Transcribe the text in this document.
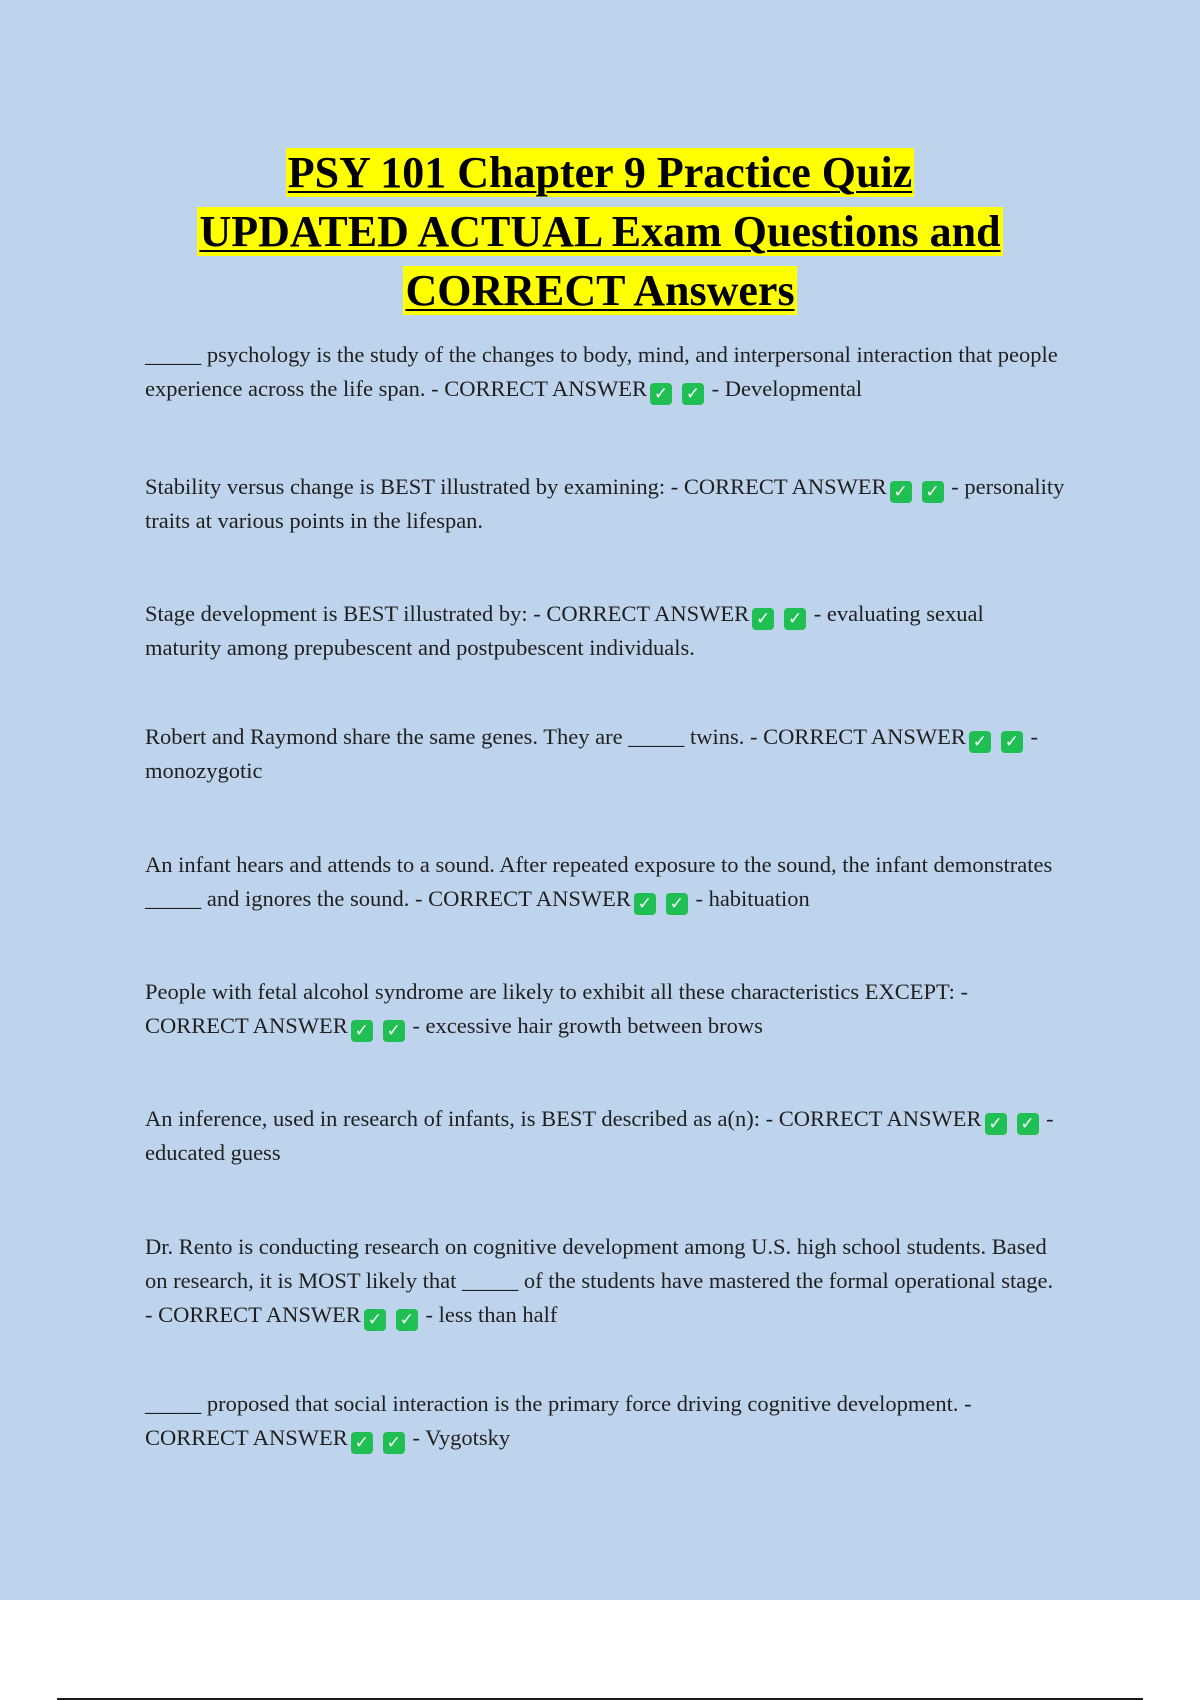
PSY 101 Chapter 9 Practice Quiz
UPDATED ACTUAL Exam Questions and
CORRECT Answers

_____ psychology is the study of the changes to body, mind, and interpersonal interaction that people experience across the life span. - CORRECT ANSWER ✓ ✓ - Developmental

Stability versus change is BEST illustrated by examining: - CORRECT ANSWER ✓ ✓ - personality traits at various points in the lifespan.

Stage development is BEST illustrated by: - CORRECT ANSWER ✓ ✓ - evaluating sexual maturity among prepubescent and postpubescent individuals.

Robert and Raymond share the same genes. They are _____ twins. - CORRECT ANSWER ✓ ✓ - monozygotic

An infant hears and attends to a sound. After repeated exposure to the sound, the infant demonstrates _____ and ignores the sound. - CORRECT ANSWER ✓ ✓ - habituation

People with fetal alcohol syndrome are likely to exhibit all these characteristics EXCEPT: - CORRECT ANSWER ✓ ✓ - excessive hair growth between brows

An inference, used in research of infants, is BEST described as a(n): - CORRECT ANSWER ✓ ✓ - educated guess

Dr. Rento is conducting research on cognitive development among U.S. high school students. Based on research, it is MOST likely that _____ of the students have mastered the formal operational stage. - CORRECT ANSWER ✓ ✓ - less than half

_____ proposed that social interaction is the primary force driving cognitive development. - CORRECT ANSWER ✓ ✓ - Vygotsky
